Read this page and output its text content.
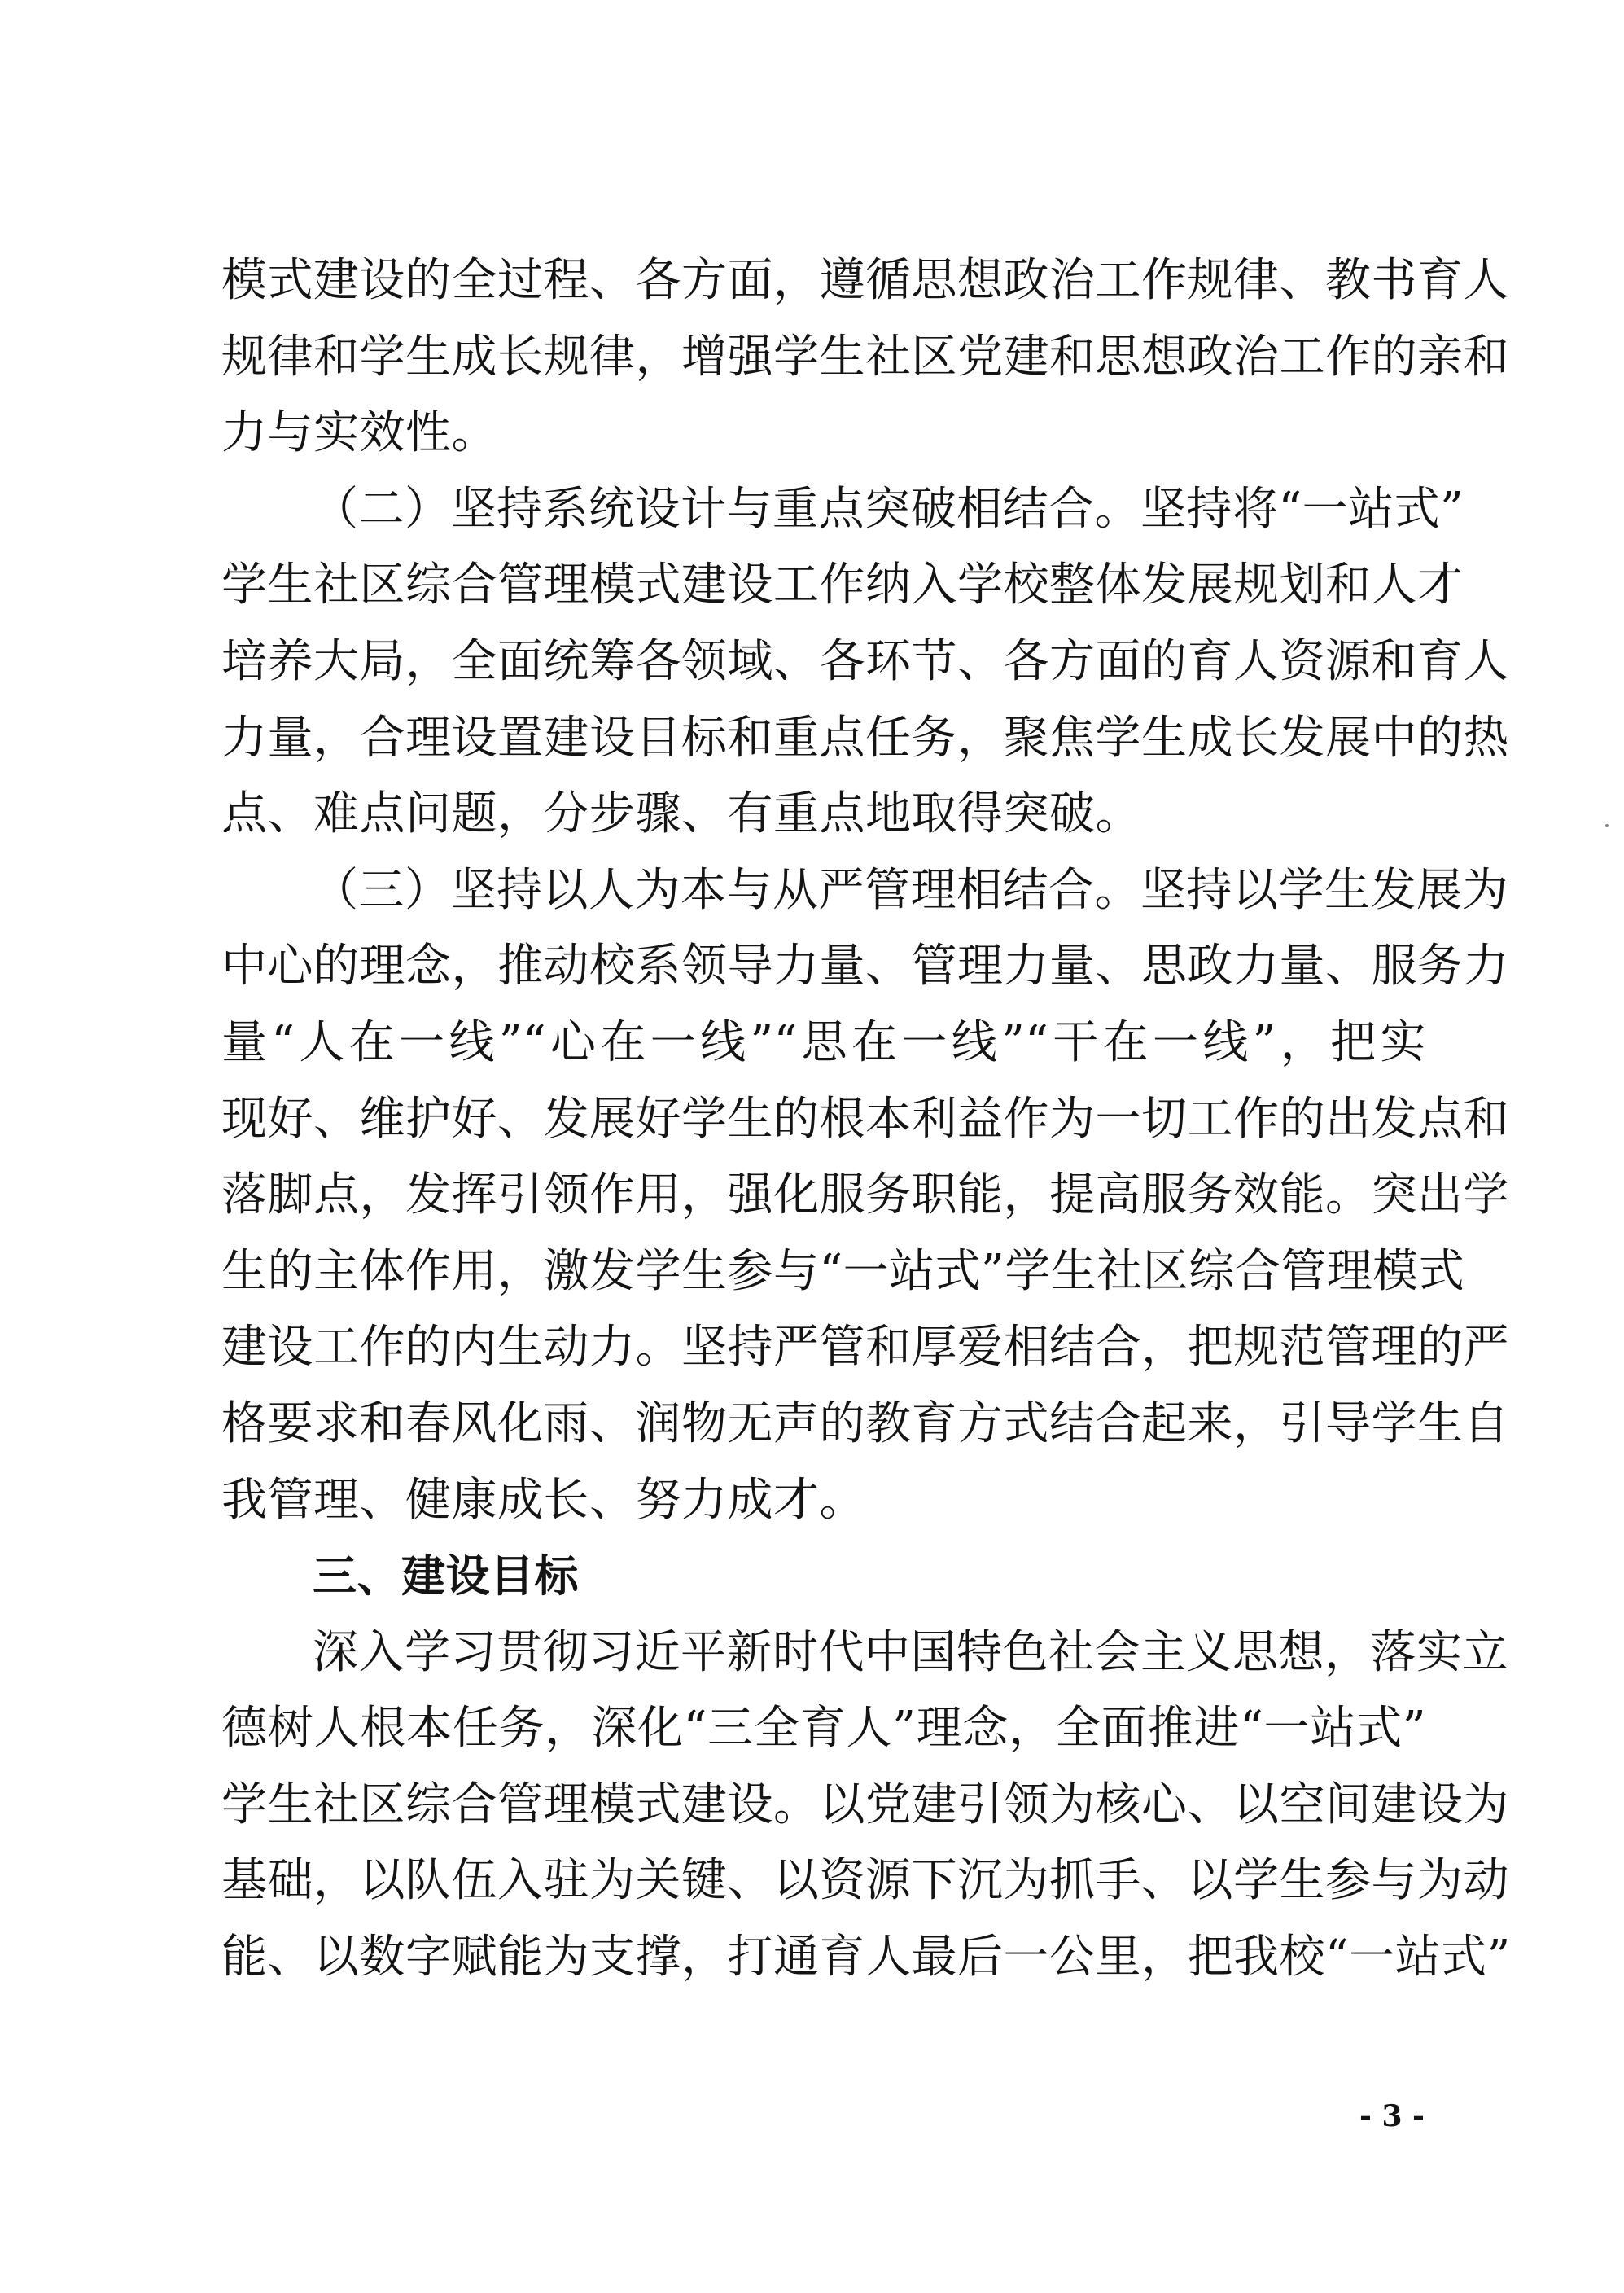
模式建设的全过程、各方面，遵循思想政治工作规律、教书育人
规律和学生成长规律，增强学生社区党建和思想政治工作的亲和
力与实效性。
（二）坚持系统设计与重点突破相结合。坚持将“一站式”
学生社区综合管理模式建设工作纳入学校整体发展规划和人才
培养大局，全面统筹各领域、各环节、各方面的育人资源和育人
力量，合理设置建设目标和重点任务，聚焦学生成长发展中的热
点、难点问题，分步骤、有重点地取得突破。
（三）坚持以人为本与从严管理相结合。坚持以学生发展为
中心的理念，推动校系领导力量、管理力量、思政力量、服务力
量“人在一线”“心在一线”“思在一线”“干在一线”，把实
现好、维护好、发展好学生的根本利益作为一切工作的出发点和
落脚点，发挥引领作用，强化服务职能，提高服务效能。突出学
生的主体作用，激发学生参与“一站式”学生社区综合管理模式
建设工作的内生动力。坚持严管和厚爱相结合，把规范管理的严
格要求和春风化雨、润物无声的教育方式结合起来，引导学生自
我管理、健康成长、努力成才。
三、建设目标
深入学习贯彻习近平新时代中国特色社会主义思想，落实立
德树人根本任务，深化“三全育人”理念，全面推进“一站式”
学生社区综合管理模式建设。以党建引领为核心、以空间建设为
基础，以队伍入驻为关键、以资源下沉为抓手、以学生参与为动
能、以数字赋能为支撑，打通育人最后一公里，把我校“一站式”
- 3 -
